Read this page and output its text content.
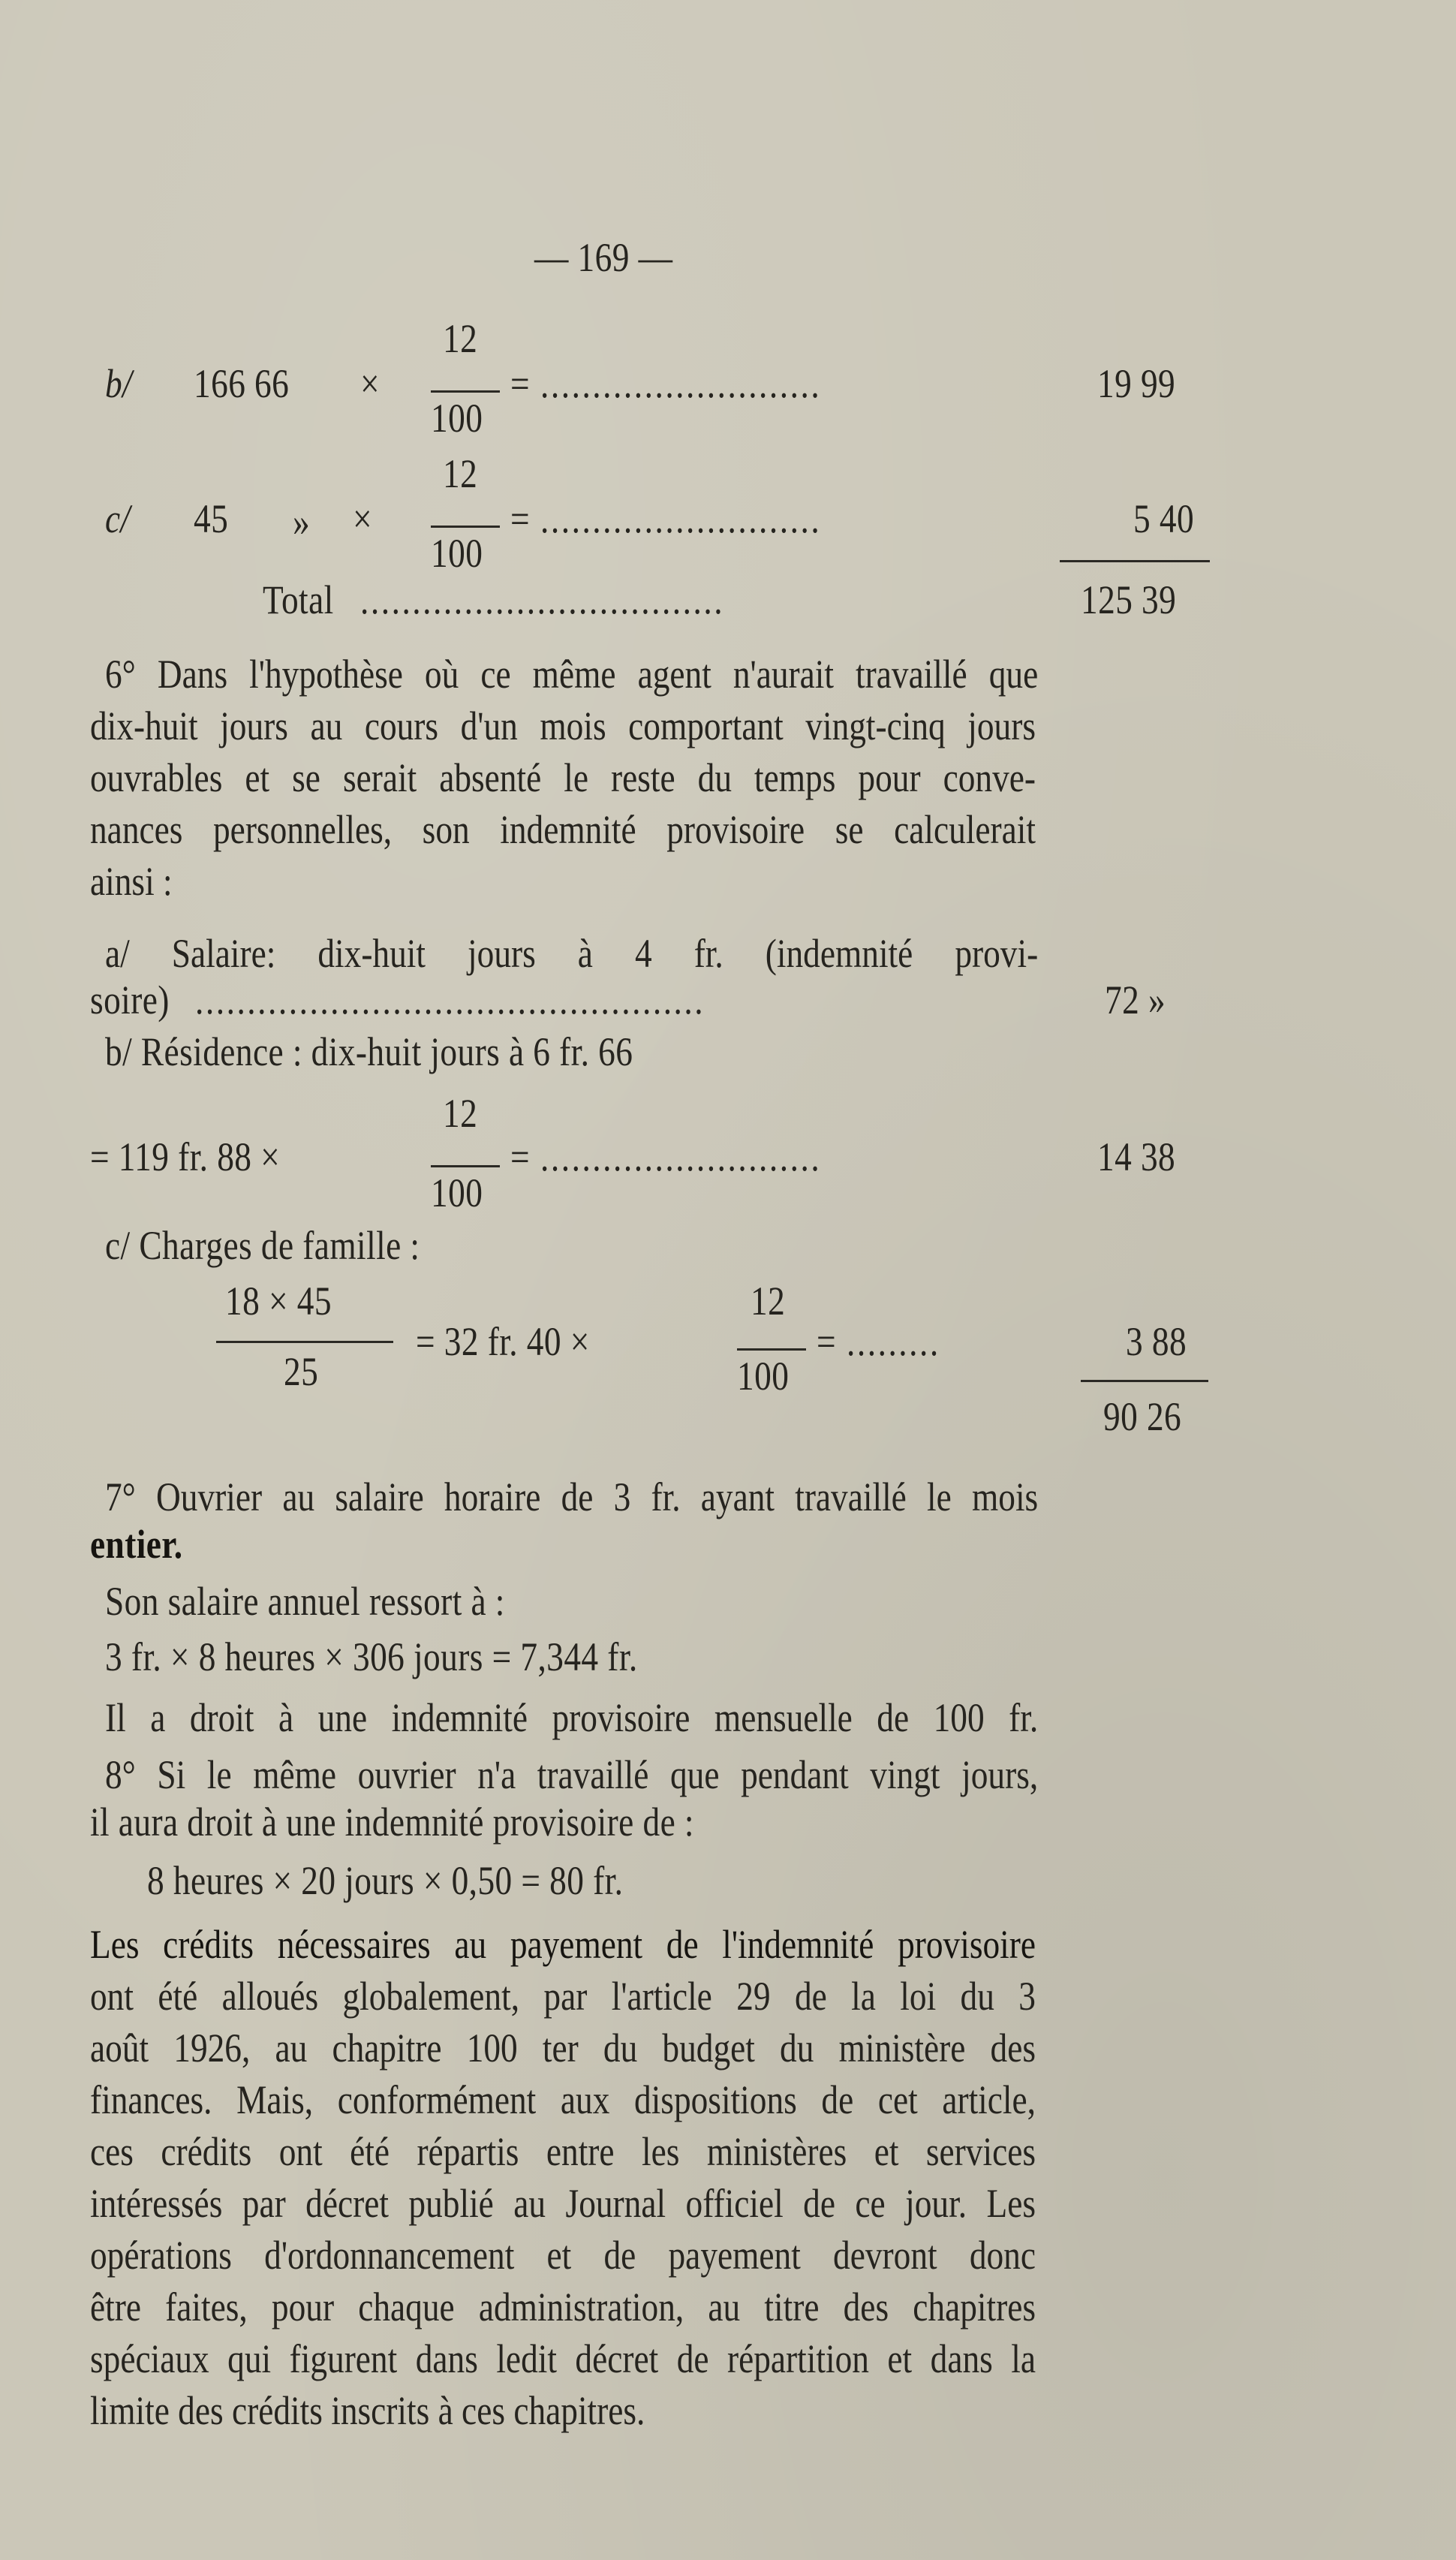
— 169 —
b/ 166 66 ×
12
100
= ...........................	19 99
c/ 45 » ×
12
100
= ...........................	5 40
Total ...................................	125 39
6° Dans l'hypothèse où ce même agent n'aurait travaillé que
dix-huit jours au cours d'un mois comportant vingt-cinq jours
ouvrables et se serait absenté le reste du temps pour conve-
nances personnelles, son indemnité provisoire se calculerait
ainsi :
a/ Salaire: dix-huit jours à 4 fr. (indemnité provi-
soire) .................................................	72 »
b/ Résidence : dix-huit jours à 6 fr. 66
12
= 119 fr. 88 ×
100
= ...........................	14 38
c/ Charges de famille :
18 × 45
25
= 32 fr. 40 ×
12
100
= .........	3 88
90 26
7° Ouvrier au salaire horaire de 3 fr. ayant travaillé le mois
entier.
Son salaire annuel ressort à :
3 fr. × 8 heures × 306 jours = 7,344 fr.
Il a droit à une indemnité provisoire mensuelle de 100 fr.
8° Si le même ouvrier n'a travaillé que pendant vingt jours,
il aura droit à une indemnité provisoire de :
8 heures × 20 jours × 0,50 = 80 fr.
Les crédits nécessaires au payement de l'indemnité provisoire
ont été alloués globalement, par l'article 29 de la loi du 3
août 1926, au chapitre 100 ter du budget du ministère des
finances. Mais, conformément aux dispositions de cet article,
ces crédits ont été répartis entre les ministères et services
intéressés par décret publié au Journal officiel de ce jour. Les
opérations d'ordonnancement et de payement devront donc
être faites, pour chaque administration, au titre des chapitres
spéciaux qui figurent dans ledit décret de répartition et dans la
limite des crédits inscrits à ces chapitres.
